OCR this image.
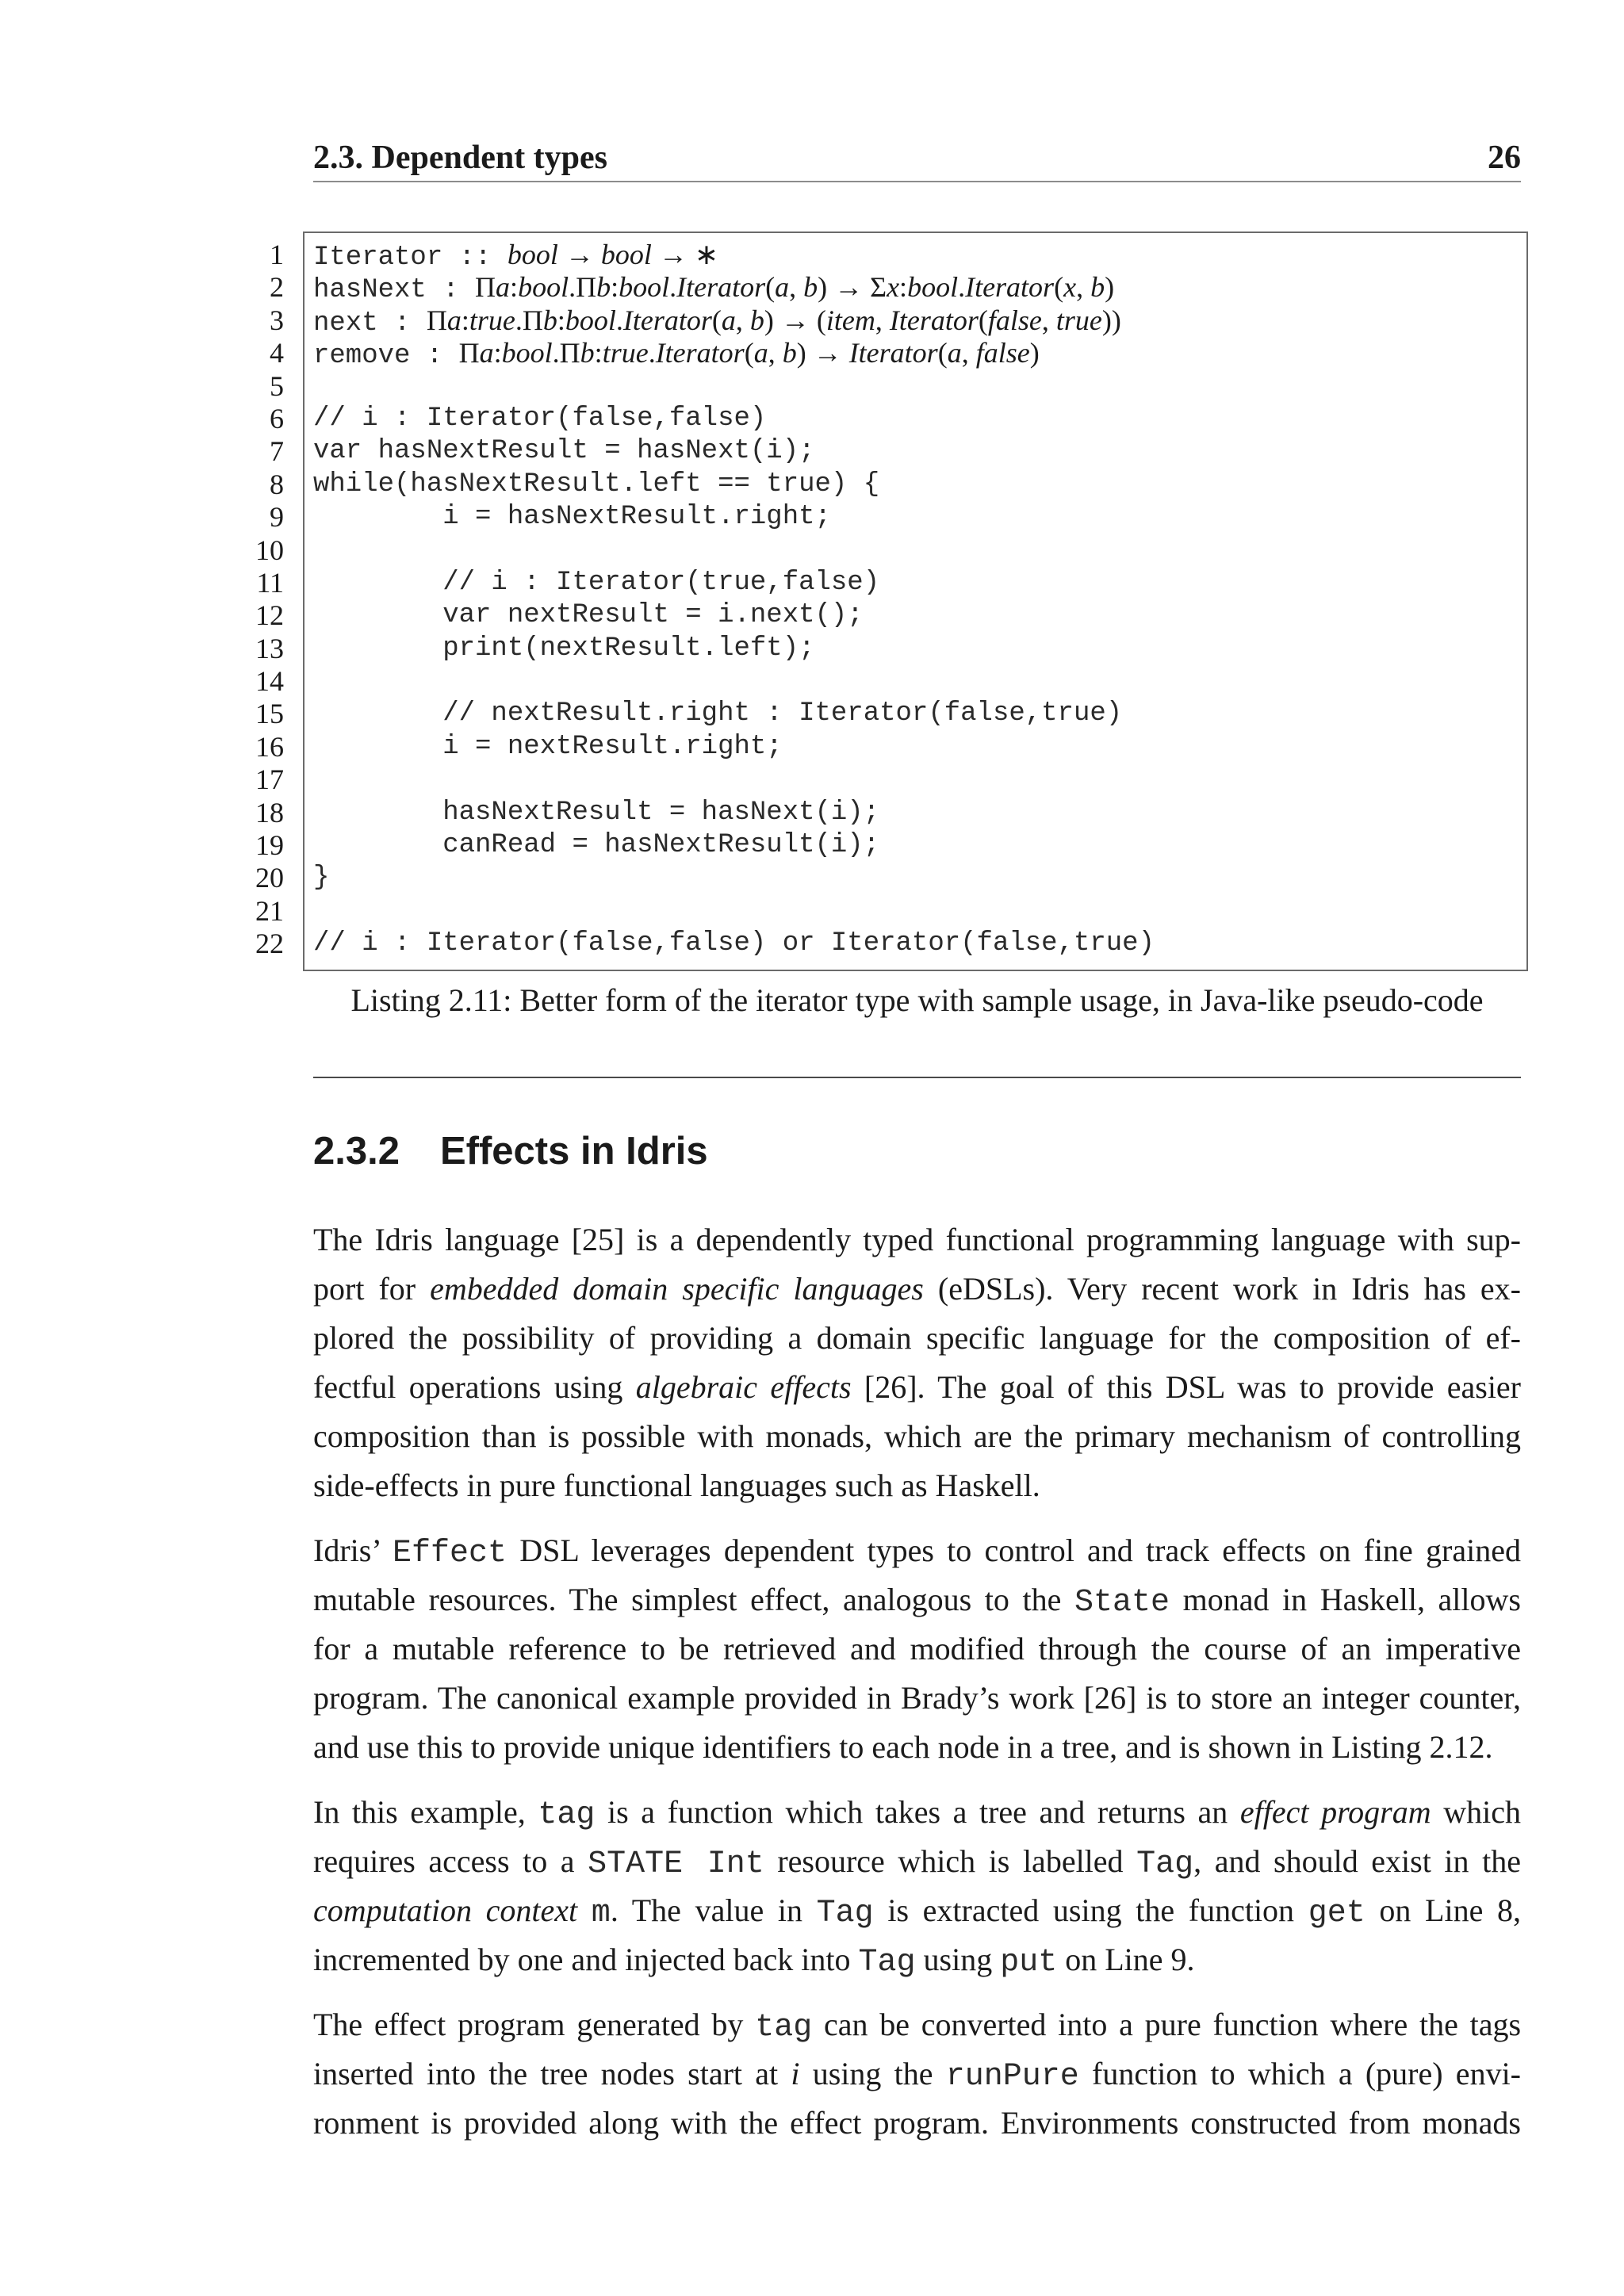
2.3. Dependent types	26
1
2
3
4
5
6
7
8
9
10
11
12
13
14
15
16
17
18
19
20
21
22
Iterator :: bool → bool → ∗
hasNext : Πa:bool.Πb:bool.Iterator(a, b) → Σx:bool.Iterator(x, b)
next : Πa:true.Πb:bool.Iterator(a, b) → (item, Iterator(false, true))
remove : Πa:bool.Πb:true.Iterator(a, b) → Iterator(a, false)
// i : Iterator(false,false)
var hasNextResult = hasNext(i);
while(hasNextResult.left == true) {
i = hasNextResult.right;
// i : Iterator(true,false)
var nextResult = i.next();
print(nextResult.left);
// nextResult.right : Iterator(false,true)
i = nextResult.right;
hasNextResult = hasNext(i);
canRead = hasNextResult(i);
}
// i : Iterator(false,false) or Iterator(false,true)
Listing 2.11: Better form of the iterator type with sample usage, in Java-like pseudo-code
2.3.2 Effects in Idris
The Idris language [25] is a dependently typed functional programming language with sup-
port for embedded domain specific languages (eDSLs). Very recent work in Idris has ex-
plored the possibility of providing a domain specific language for the composition of ef-
fectful operations using algebraic effects [26]. The goal of this DSL was to provide easier
composition than is possible with monads, which are the primary mechanism of controlling
side-effects in pure functional languages such as Haskell.
Idris’ Effect DSL leverages dependent types to control and track effects on fine grained
mutable resources. The simplest effect, analogous to the State monad in Haskell, allows
for a mutable reference to be retrieved and modified through the course of an imperative
program. The canonical example provided in Brady’s work [26] is to store an integer counter,
and use this to provide unique identifiers to each node in a tree, and is shown in Listing 2.12.
In this example, tag is a function which takes a tree and returns an effect program which
requires access to a STATE Int resource which is labelled Tag, and should exist in the
computation context m. The value in Tag is extracted using the function get on Line 8,
incremented by one and injected back into Tag using put on Line 9.
The effect program generated by tag can be converted into a pure function where the tags
inserted into the tree nodes start at i using the runPure function to which a (pure) envi-
ronment is provided along with the effect program. Environments constructed from monads
